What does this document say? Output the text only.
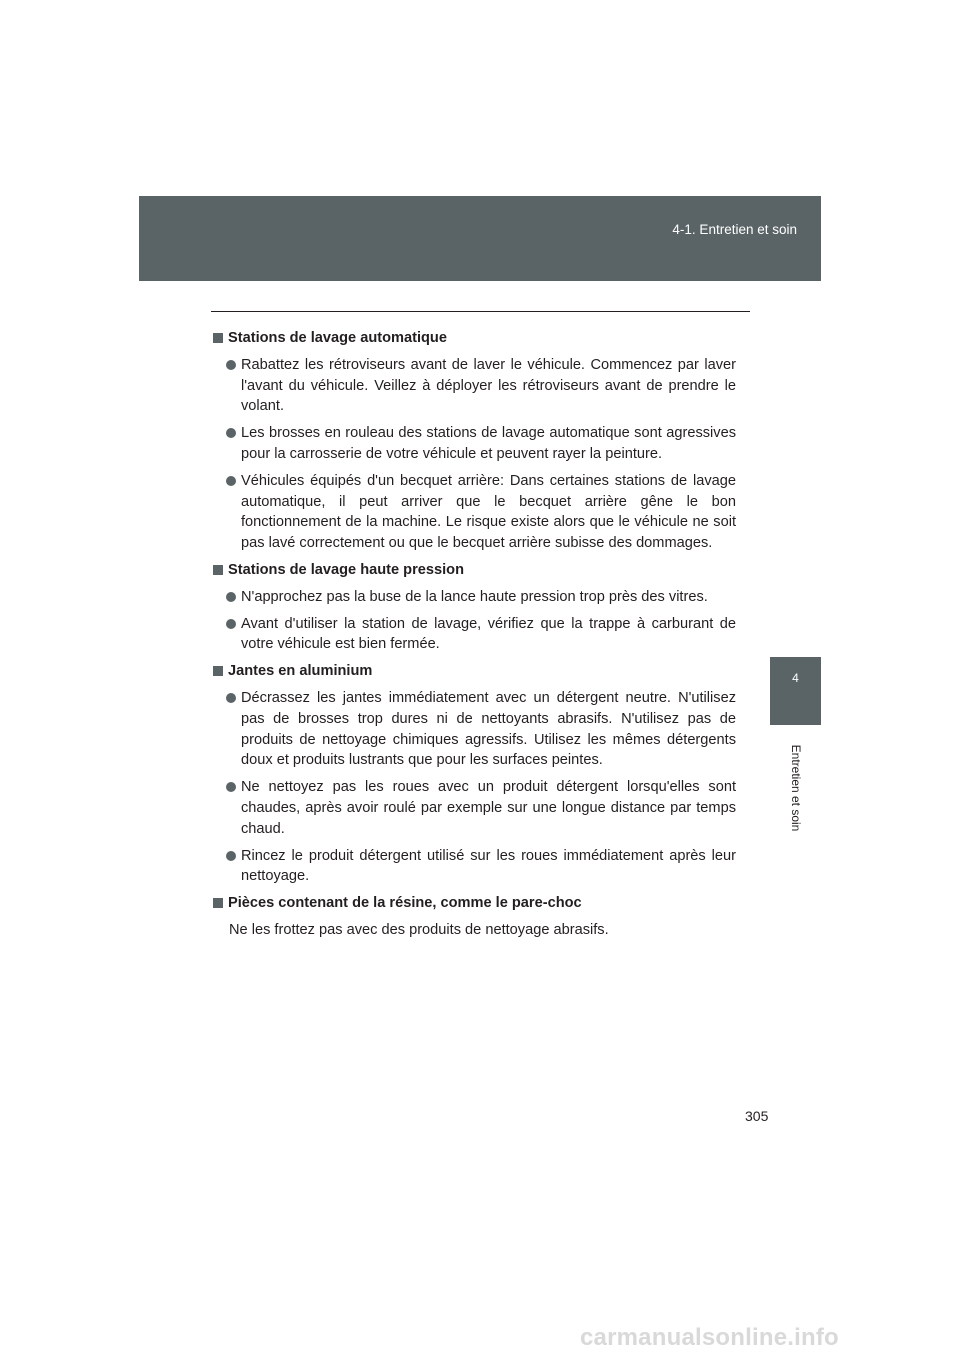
4-1. Entretien et soin
4
Entretien et soin
Stations de lavage automatique
Rabattez les rétroviseurs avant de laver le véhicule. Commencez par laver l'avant du véhicule. Veillez à déployer les rétroviseurs avant de prendre le volant.
Les brosses en rouleau des stations de lavage automatique sont agressives pour la carrosserie de votre véhicule et peuvent rayer la peinture.
Véhicules équipés d'un becquet arrière: Dans certaines stations de lavage automatique, il peut arriver que le becquet arrière gêne le bon fonctionnement de la machine. Le risque existe alors que le véhicule ne soit pas lavé correctement ou que le becquet arrière subisse des dommages.
Stations de lavage haute pression
N'approchez pas la buse de la lance haute pression trop près des vitres.
Avant d'utiliser la station de lavage, vérifiez que la trappe à carburant de votre véhicule est bien fermée.
Jantes en aluminium
Décrassez les jantes immédiatement avec un détergent neutre. N'utilisez pas de brosses trop dures ni de nettoyants abrasifs. N'utilisez pas de produits de nettoyage chimiques agressifs. Utilisez les mêmes détergents doux et produits lustrants que pour les surfaces peintes.
Ne nettoyez pas les roues avec un produit détergent lorsqu'elles sont chaudes, après avoir roulé par exemple sur une longue distance par temps chaud.
Rincez le produit détergent utilisé sur les roues immédiatement après leur nettoyage.
Pièces contenant de la résine, comme le pare-choc
Ne les frottez pas avec des produits de nettoyage abrasifs.
305
carmanualsonline.info
